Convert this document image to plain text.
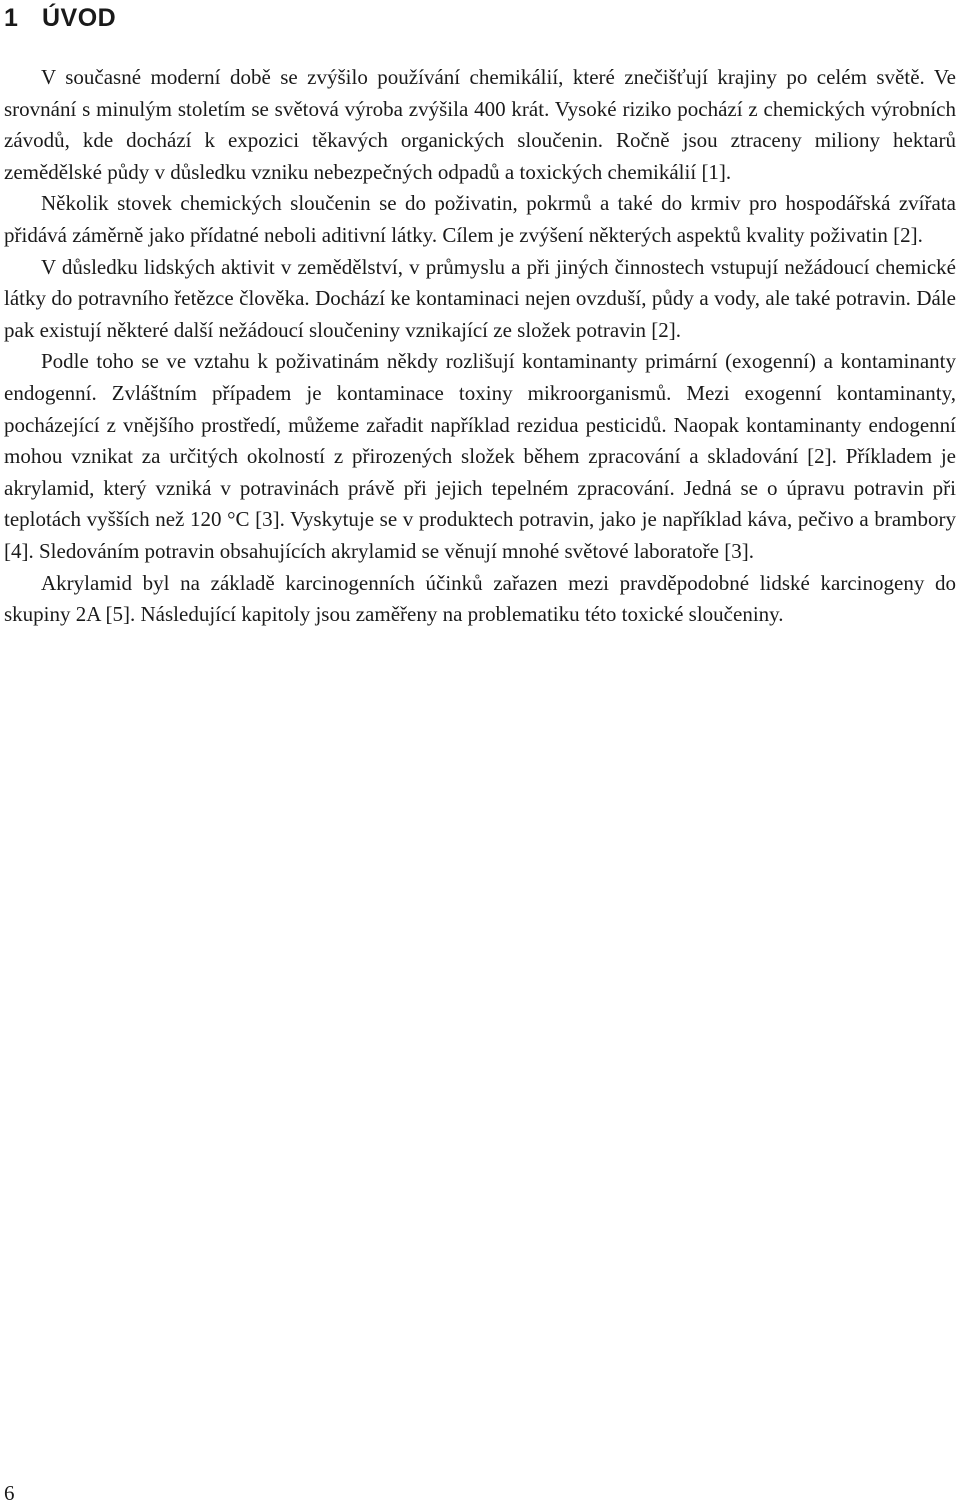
1 ÚVOD

V současné moderní době se zvýšilo používání chemikálií, které znečišťují krajiny po celém světě. Ve srovnání s minulým stoletím se světová výroba zvýšila 400 krát. Vysoké riziko pochází z chemických výrobních závodů, kde dochází k expozici těkavých organických sloučenin. Ročně jsou ztraceny miliony hektarů zemědělské půdy v důsledku vzniku nebezpečných odpadů a toxických chemikálií [1].

Několik stovek chemických sloučenin se do poživatin, pokrmů a také do krmiv pro hospodářská zvířata přidává záměrně jako přídatné neboli aditivní látky. Cílem je zvýšení některých aspektů kvality poživatin [2].

V důsledku lidských aktivit v zemědělství, v průmyslu a při jiných činnostech vstupují nežádoucí chemické látky do potravního řetězce člověka. Dochází ke kontaminaci nejen ovzduší, půdy a vody, ale také potravin. Dále pak existují některé další nežádoucí sloučeniny vznikající ze složek potravin [2].

Podle toho se ve vztahu k poživatinám někdy rozlišují kontaminanty primární (exogenní) a kontaminanty endogenní. Zvláštním případem je kontaminace toxiny mikroorganismů. Mezi exogenní kontaminanty, pocházející z vnějšího prostředí, můžeme zařadit například rezidua pesticidů. Naopak kontaminanty endogenní mohou vznikat za určitých okolností z přirozených složek během zpracování a skladování [2]. Příkladem je akrylamid, který vzniká v potravinách právě při jejich tepelném zpracování. Jedná se o úpravu potravin při teplotách vyšších než 120 °C [3]. Vyskytuje se v produktech potravin, jako je například káva, pečivo a brambory [4]. Sledováním potravin obsahujících akrylamid se věnují mnohé světové laboratoře [3].

Akrylamid byl na základě karcinogenních účinků zařazen mezi pravděpodobné lidské karcinogeny do skupiny 2A [5]. Následující kapitoly jsou zaměřeny na problematiku této toxické sloučeniny.

6
